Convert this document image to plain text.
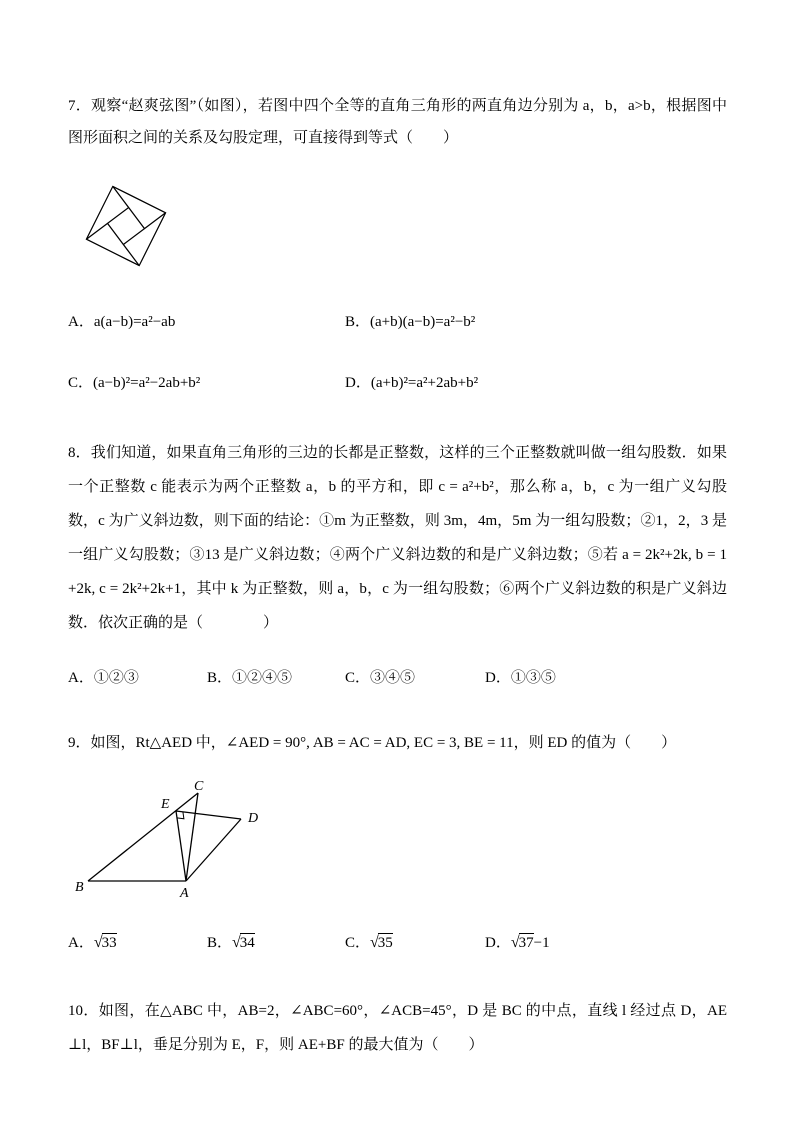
7．观察“赵爽弦图”（如图），若图中四个全等的直角三角形的两直角边分别为 a，b，a>b，根据图中图形面积之间的关系及勾股定理，可直接得到等式（　　）

A．a(a−b)=a²−ab	B．(a+b)(a−b)=a²−b²
C．(a−b)²=a²−2ab+b²	D．(a+b)²=a²+2ab+b²

8．我们知道，如果直角三角形的三边的长都是正整数，这样的三个正整数就叫做一组勾股数．如果一个正整数 c 能表示为两个正整数 a，b 的平方和，即 c = a²+b²，那么称 a，b，c 为一组广义勾股数，c 为广义斜边数，则下面的结论：①m 为正整数，则 3m，4m，5m 为一组勾股数；②1，2，3 是一组广义勾股数；③13 是广义斜边数；④两个广义斜边数的和是广义斜边数；⑤若 a = 2k²+2k, b = 1+2k, c = 2k²+2k+1，其中 k 为正整数，则 a，b，c 为一组勾股数；⑥两个广义斜边数的积是广义斜边数．依次正确的是（　　　　）

A．①②③	B．①②④⑤	C．③④⑤	D．①③⑤

9．如图，Rt△AED 中，∠AED = 90°, AB = AC = AD, EC = 3, BE = 11，则 ED 的值为（　　）

B	A
E
C
D
A．√33	B．√34	C．√35	D．√37−1

10．如图，在△ABC 中，AB=2，∠ABC=60°，∠ACB=45°，D 是 BC 的中点，直线 l 经过点 D，AE⊥l，BF⊥l，垂足分别为 E，F，则 AE+BF 的最大值为（　　）
